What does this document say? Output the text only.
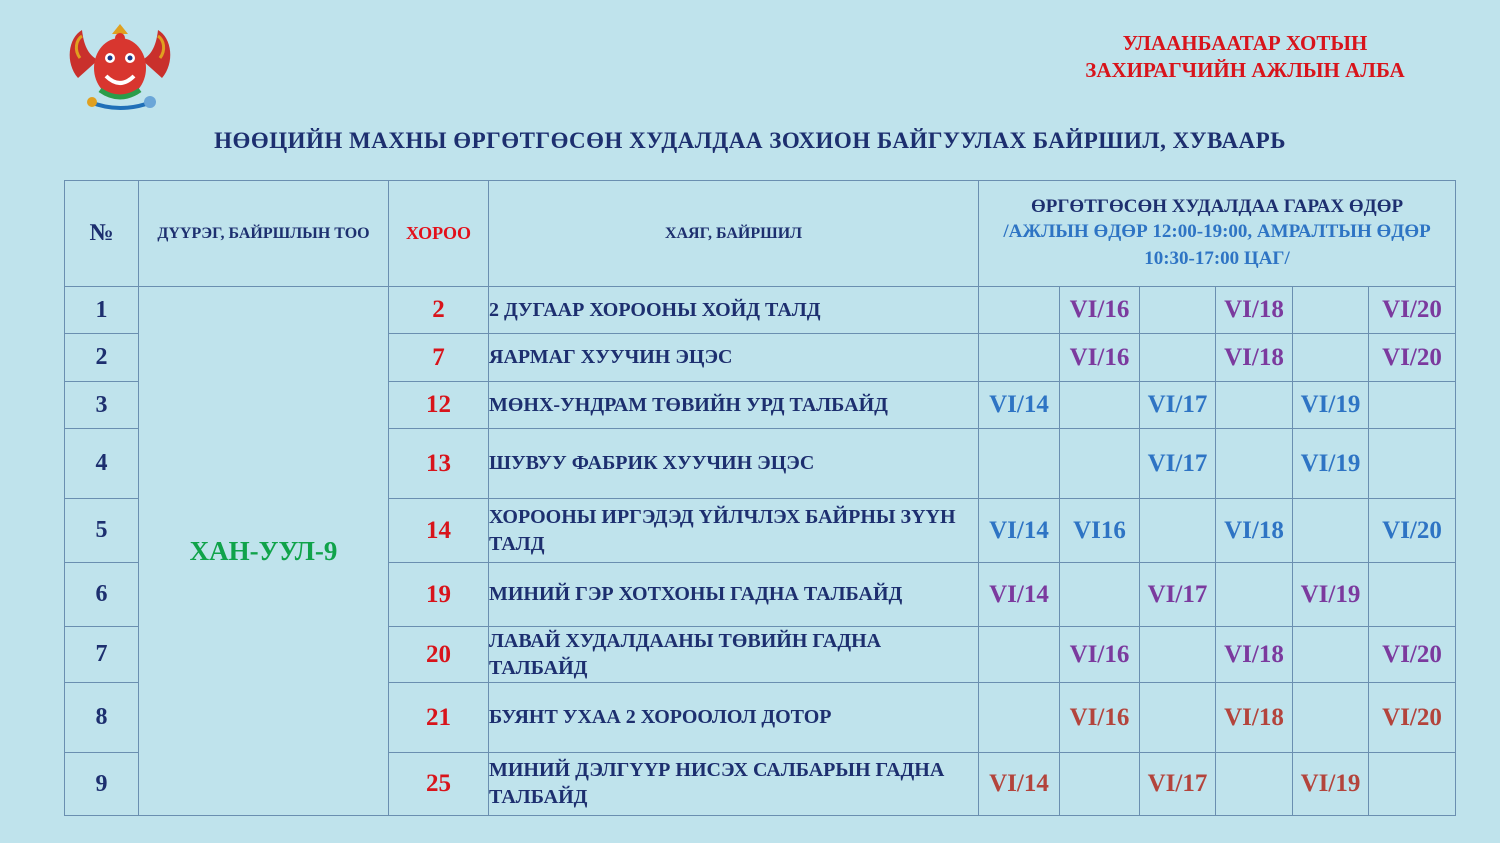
УЛААНБААТАР ХОТЫН
ЗАХИРАГЧИЙН АЖЛЫН АЛБА
НӨӨЦИЙН МАХНЫ ӨРГӨТГӨСӨН ХУДАЛДАА ЗОХИОН БАЙГУУЛАХ БАЙРШИЛ, ХУВААРЬ
№	ДҮҮРЭГ, БАЙРШЛЫН ТОО	ХОРОО	ХАЯГ, БАЙРШИЛ	ӨРГӨТГӨСӨН ХУДАЛДАА ГАРАХ ӨДӨР
/АЖЛЫН ӨДӨР 12:00-19:00, АМРАЛТЫН ӨДӨР 10:30-17:00 ЦАГ/					

1	ХАН-УУЛ-9	2	2 ДУГААР ХОРООНЫ ХОЙД ТАЛД		VI/16		VI/18		VI/20
2		7	ЯАРМАГ ХУУЧИН ЭЦЭС		VI/16		VI/18		VI/20
3		12	МӨНХ-УНДРАМ ТӨВИЙН УРД ТАЛБАЙД	VI/14		VI/17		VI/19	
4		13	ШУВУУ ФАБРИК ХУУЧИН ЭЦЭС			VI/17		VI/19	
5		14	ХОРООНЫ ИРГЭДЭД ҮЙЛЧЛЭХ БАЙРНЫ ЗҮҮН ТАЛД	VI/14	VI16		VI/18		VI/20
6		19	МИНИЙ ГЭР ХОТХОНЫ ГАДНА ТАЛБАЙД	VI/14		VI/17		VI/19	
7		20	ЛАВАЙ ХУДАЛДААНЫ ТӨВИЙН ГАДНА ТАЛБАЙД		VI/16		VI/18		VI/20
8		21	БУЯНТ УХАА 2 ХОРООЛОЛ ДОТОР		VI/16		VI/18		VI/20
9		25	МИНИЙ ДЭЛГҮҮР НИСЭХ САЛБАРЫН ГАДНА ТАЛБАЙД	VI/14		VI/17		VI/19	
